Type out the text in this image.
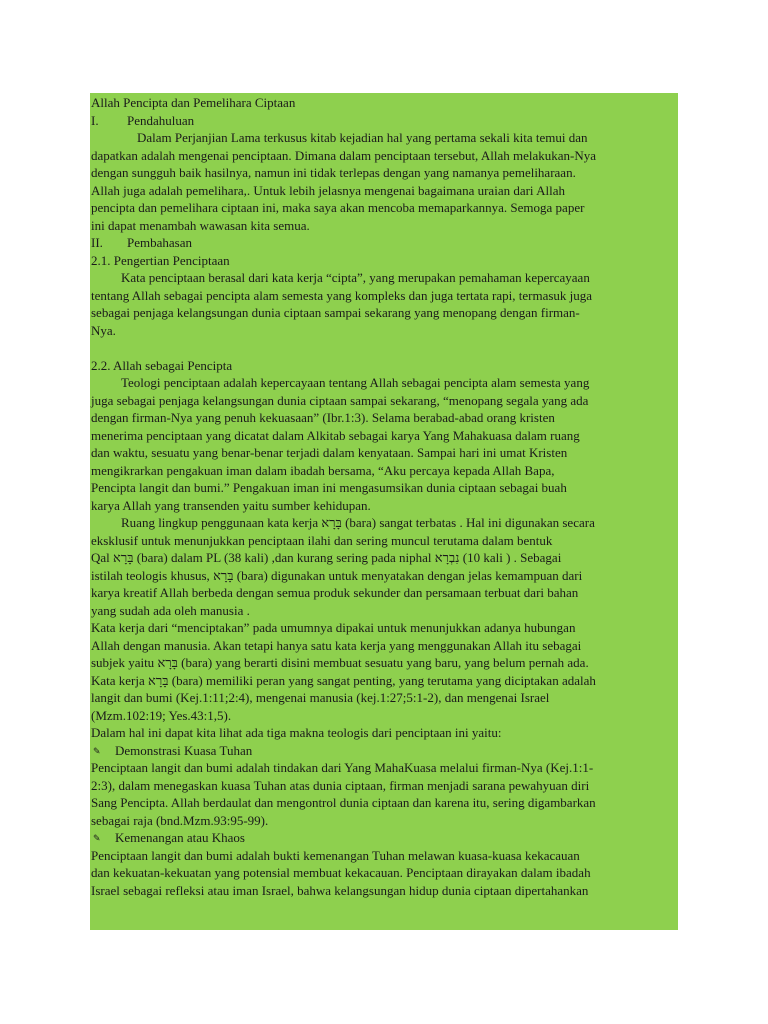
Allah Pencipta dan Pemelihara Ciptaan
I. Pendahuluan
Dalam Perjanjian Lama terkusus kitab kejadian hal yang pertama sekali kita temui dan
dapatkan adalah mengenai penciptaan. Dimana dalam penciptaan tersebut, Allah melakukan-Nya
dengan sungguh baik hasilnya, namun ini tidak terlepas dengan yang namanya pemeliharaan.
Allah juga adalah pemelihara,. Untuk lebih jelasnya mengenai bagaimana uraian dari Allah
pencipta dan pemelihara ciptaan ini, maka saya akan mencoba memaparkannya. Semoga paper
ini dapat menambah wawasan kita semua.
II. Pembahasan
2.1. Pengertian Penciptaan
Kata penciptaan berasal dari kata kerja “cipta”, yang merupakan pemahaman kepercayaan
tentang Allah sebagai pencipta alam semesta yang kompleks dan juga tertata rapi, termasuk juga
sebagai penjaga kelangsungan dunia ciptaan sampai sekarang yang menopang dengan firman-
Nya.
2.2. Allah sebagai Pencipta
Teologi penciptaan adalah kepercayaan tentang Allah sebagai pencipta alam semesta yang
juga sebagai penjaga kelangsungan dunia ciptaan sampai sekarang, “menopang segala yang ada
dengan firman-Nya yang penuh kekuasaan” (Ibr.1:3). Selama berabad-abad orang kristen
menerima penciptaan yang dicatat dalam Alkitab sebagai karya Yang Mahakuasa dalam ruang
dan waktu, sesuatu yang benar-benar terjadi dalam kenyataan. Sampai hari ini umat Kristen
mengikrarkan pengakuan iman dalam ibadah bersama, “Aku percaya kepada Allah Bapa,
Pencipta langit dan bumi.” Pengakuan iman ini mengasumsikan dunia ciptaan sebagai buah
karya Allah yang transenden yaitu sumber kehidupan.
Ruang lingkup penggunaan kata kerja בָּרָא (bara) sangat terbatas . Hal ini digunakan secara
eksklusif untuk menunjukkan penciptaan ilahi dan sering muncul terutama dalam bentuk
Qal בָּרָא (bara) dalam PL (38 kali) ,dan kurang sering pada niphal נִבְרָא (10 kali ) . Sebagai
istilah teologis khusus, בָּרָא (bara) digunakan untuk menyatakan dengan jelas kemampuan dari
karya kreatif Allah berbeda dengan semua produk sekunder dan persamaan terbuat dari bahan
yang sudah ada oleh manusia .
Kata kerja dari “menciptakan” pada umumnya dipakai untuk menunjukkan adanya hubungan
Allah dengan manusia. Akan tetapi hanya satu kata kerja yang menggunakan Allah itu sebagai
subjek yaitu בָּרָא (bara) yang berarti disini membuat sesuatu yang baru, yang belum pernah ada.
Kata kerja בָּרָא (bara) memiliki peran yang sangat penting, yang terutama yang diciptakan adalah
langit dan bumi (Kej.1:11;2:4), mengenai manusia (kej.1:27;5:1-2), dan mengenai Israel
(Mzm.102:19; Yes.43:1,5).
Dalam hal ini dapat kita lihat ada tiga makna teologis dari penciptaan ini yaitu:
✎ Demonstrasi Kuasa Tuhan
Penciptaan langit dan bumi adalah tindakan dari Yang MahaKuasa melalui firman-Nya (Kej.1:1-
2:3), dalam menegaskan kuasa Tuhan atas dunia ciptaan, firman menjadi sarana pewahyuan diri
Sang Pencipta. Allah berdaulat dan mengontrol dunia ciptaan dan karena itu, sering digambarkan
sebagai raja (bnd.Mzm.93:95-99).
✎ Kemenangan atau Khaos
Penciptaan langit dan bumi adalah bukti kemenangan Tuhan melawan kuasa-kuasa kekacauan
dan kekuatan-kekuatan yang potensial membuat kekacauan. Penciptaan dirayakan dalam ibadah
Israel sebagai refleksi atau iman Israel, bahwa kelangsungan hidup dunia ciptaan dipertahankan
